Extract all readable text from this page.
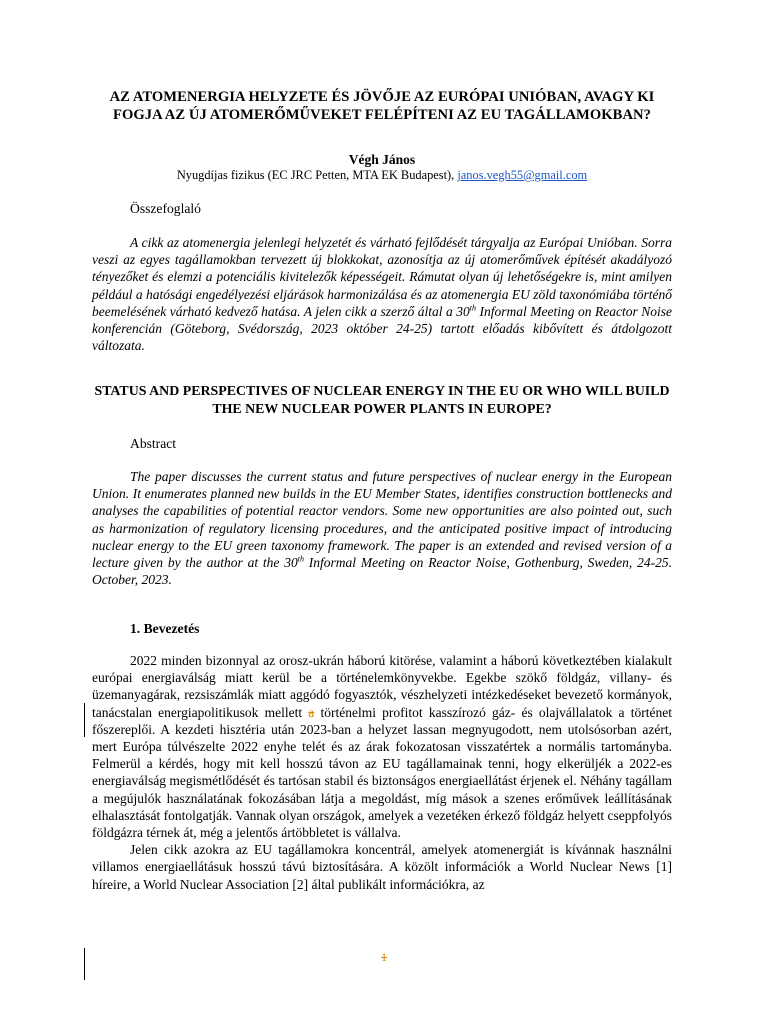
AZ ATOMENERGIA HELYZETE ÉS JÖVŐJE AZ EURÓPAI UNIÓBAN, AVAGY KI FOGJA AZ ÚJ ATOMERŐMŰVEKET FELÉPÍTENI AZ EU TAGÁLLAMOKBAN?
Végh János
Nyugdíjas fizikus (EC JRC Petten, MTA EK Budapest), janos.vegh55@gmail.com
Összefoglaló

A cikk az atomenergia jelenlegi helyzetét és várható fejlődését tárgyalja az Európai Unióban. Sorra veszi az egyes tagállamokban tervezett új blokkokat, azonosítja az új atomerőművek építését akadályozó tényezőket és elemzi a potenciális kivitelezők képességeit. Rámutat olyan új lehetőségekre is, mint amilyen például a hatósági engedélyezési eljárások harmonizálása és az atomenergia EU zöld taxonómiába történő beemelésének várható kedvező hatása. A jelen cikk a szerző által a 30th Informal Meeting on Reactor Noise konferencián (Göteborg, Svédország, 2023 október 24-25) tartott előadás kibővített és átdolgozott változata.

STATUS AND PERSPECTIVES OF NUCLEAR ENERGY IN THE EU OR WHO WILL BUILD THE NEW NUCLEAR POWER PLANTS IN EUROPE?
Abstract

The paper discusses the current status and future perspectives of nuclear energy in the European Union. It enumerates planned new builds in the EU Member States, identifies construction bottlenecks and analyses the capabilities of potential reactor vendors. Some new opportunities are also pointed out, such as harmonization of regulatory licensing procedures, and the anticipated positive impact of introducing nuclear energy to the EU green taxonomy framework. The paper is an extended and revised version of a lecture given by the author at the 30th Informal Meeting on Reactor Noise, Gothenburg, Sweden, 24-25. October, 2023.

1. Bevezetés

2022 minden bizonnyal az orosz-ukrán háború kitörése, valamint a háború következtében kialakult európai energiaválság miatt kerül be a történelemkönyvekbe. Egekbe szökő földgáz, villany- és üzemanyagárak, rezsiszámlák miatt aggódó fogyasztók, vészhelyzeti intézkedéseket bevezető kormányok, tanácstalan energiapolitikusok mellett a történelmi profitot kasszírozó gáz- és olajvállalatok a történet főszereplői. A kezdeti hisztéria után 2023-ban a helyzet lassan megnyugodott, nem utolsósorban azért, mert Európa túlvészelte 2022 enyhe telét és az árak fokozatosan visszatértek a normális tartományba. Felmerül a kérdés, hogy mit kell hosszú távon az EU tagállamainak tenni, hogy elkerüljék a 2022-es energiaválság megismétlődését és tartósan stabil és biztonságos energiaellátást érjenek el. Néhány tagállam a megújulók használatának fokozásában látja a megoldást, míg mások a szenes erőművek leállításának elhalasztását fontolgatják. Vannak olyan országok, amelyek a vezetéken érkező földgáz helyett cseppfolyós földgázra térnek át, még a jelentős ártöbbletet is vállalva.

Jelen cikk azokra az EU tagállamokra koncentrál, amelyek atomenergiát is kívánnak használni villamos energiaellátásuk hosszú távú biztosítására. A közölt információk a World Nuclear News [1] híreire, a World Nuclear Association [2] által publikált információkra, az

1
